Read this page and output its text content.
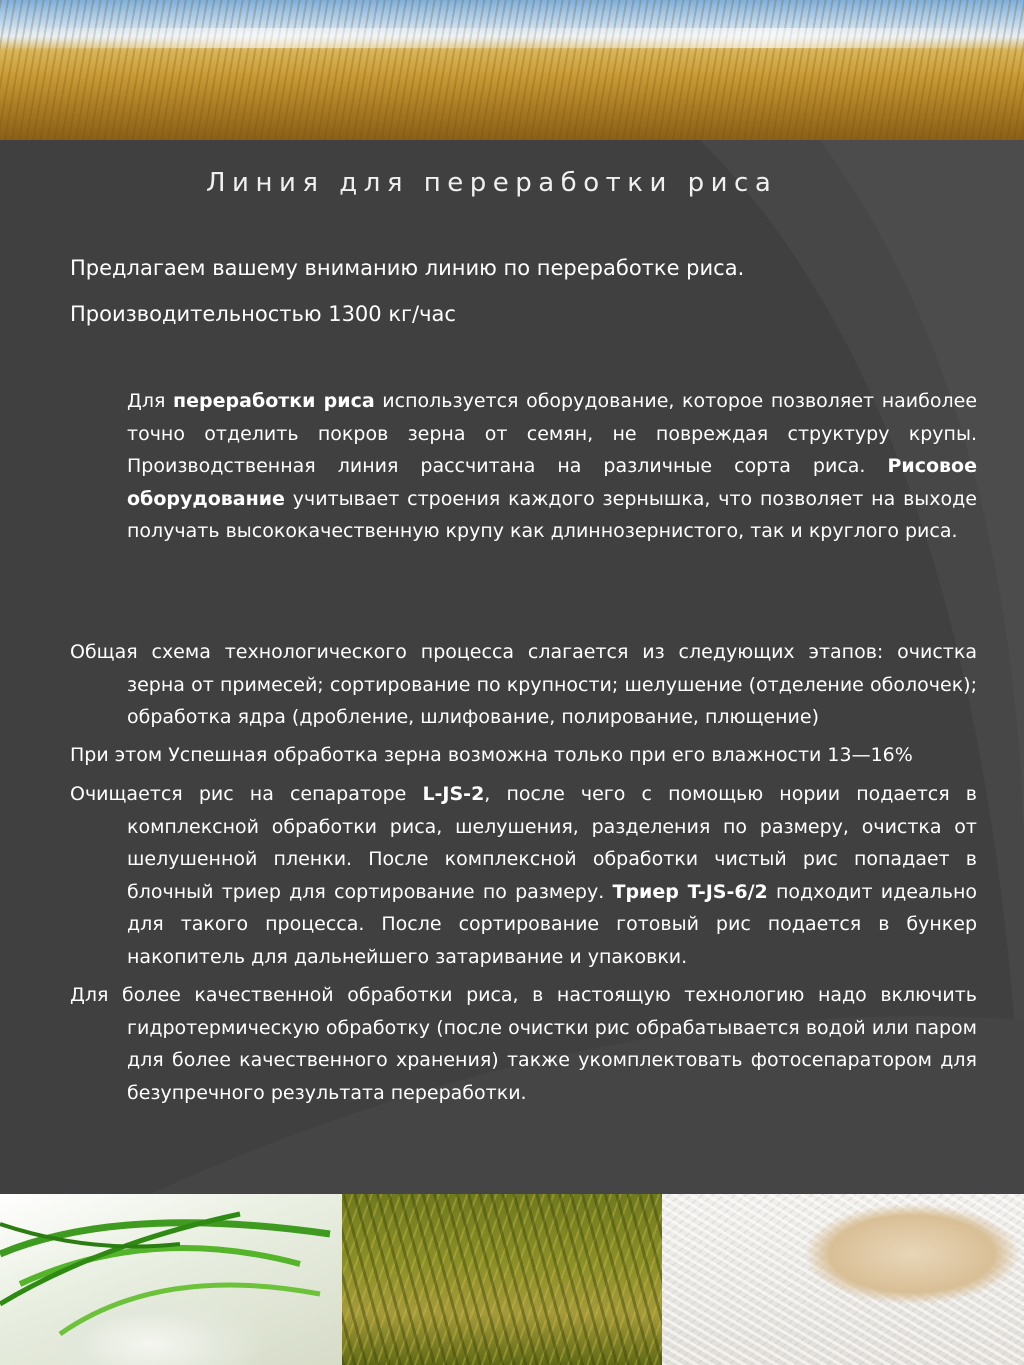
Линия для переработки риса

Предлагаем вашему вниманию линию по переработке риса.

Производительностью 1300 кг/час

Для переработки риса используется оборудование, которое позволяет наиболее точно отделить покров зерна от семян, не повреждая структуру крупы. Производственная линия рассчитана на различные сорта риса. Рисовое оборудование учитывает строения каждого зернышка, что позволяет на выходе получать высококачественную крупу как длиннозернистого, так и круглого риса.

Общая схема технологического процесса слагается из следующих этапов: очистка зерна от примесей; сортирование по крупности; шелушение (отделение оболочек); обработка ядра (дробление, шлифование, полирование, плющение)

При этом Успешная обработка зерна возможна только при его влажности 13—16%

Очищается рис на сепараторе L-JS-2, после чего с помощью нории подается в комплексной обработки риса, шелушения, разделения по размеру, очистка от шелушенной пленки. После комплексной обработки чистый рис попадает в блочный триер для сортирование по размеру. Триер T-JS-6/2 подходит идеально для такого процесса. После сортирование готовый рис подается в бункер накопитель для дальнейшего затаривание и упаковки.

Для более качественной обработки риса, в настоящую технологию надо включить гидротермическую обработку (после очистки рис обрабатывается водой или паром для более качественного хранения) также укомплектовать фотосепаратором для безупречного результата переработки.
